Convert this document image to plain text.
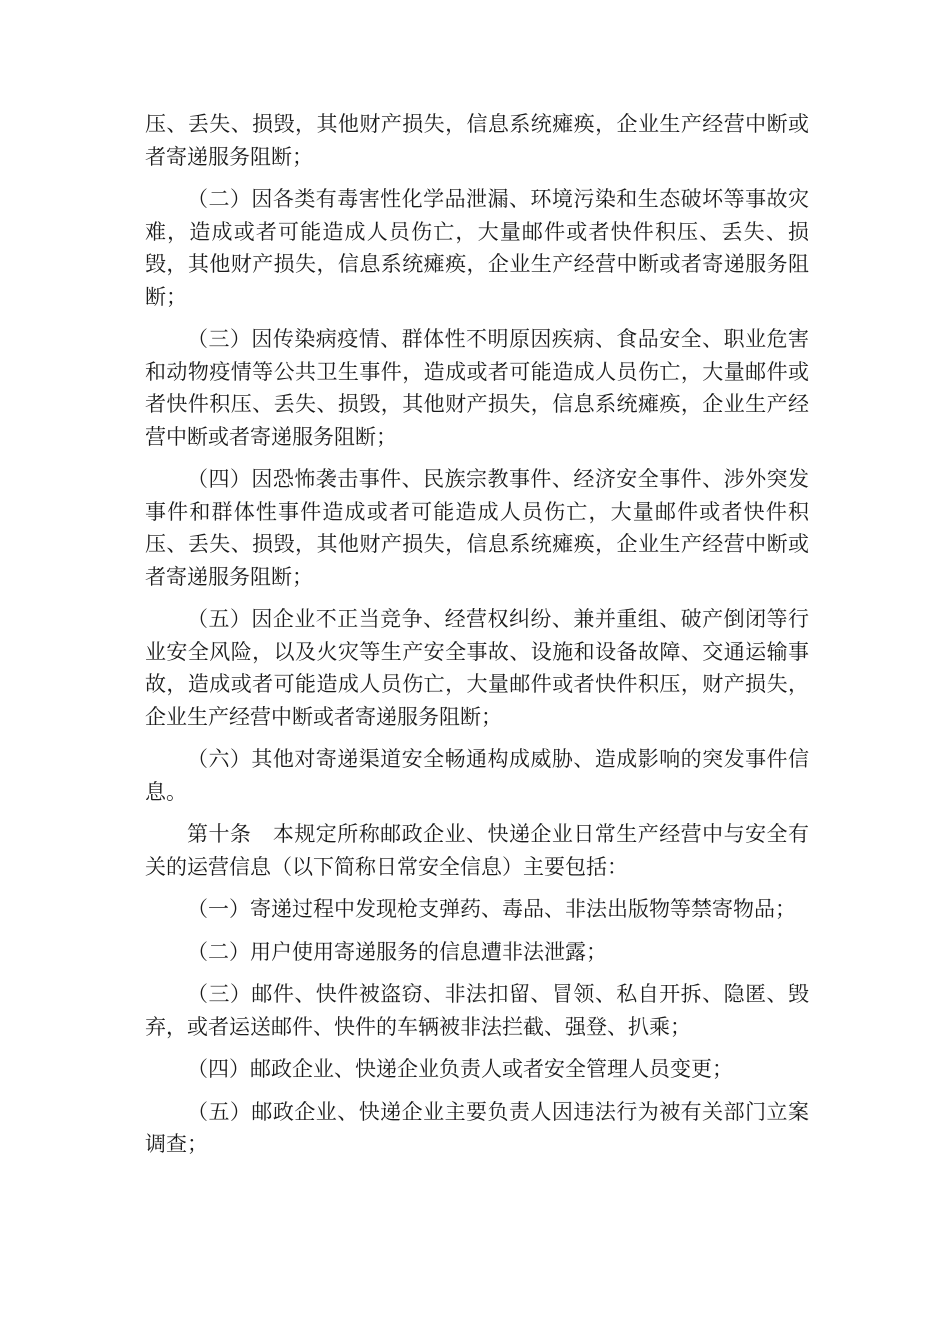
压、丢失、损毁，其他财产损失，信息系统瘫痪，企业生产经营中断或者寄递服务阻断；

（二）因各类有毒害性化学品泄漏、环境污染和生态破坏等事故灾难，造成或者可能造成人员伤亡，大量邮件或者快件积压、丢失、损毁，其他财产损失，信息系统瘫痪，企业生产经营中断或者寄递服务阻断；

（三）因传染病疫情、群体性不明原因疾病、食品安全、职业危害和动物疫情等公共卫生事件，造成或者可能造成人员伤亡，大量邮件或者快件积压、丢失、损毁，其他财产损失，信息系统瘫痪，企业生产经营中断或者寄递服务阻断；

（四）因恐怖袭击事件、民族宗教事件、经济安全事件、涉外突发事件和群体性事件造成或者可能造成人员伤亡，大量邮件或者快件积压、丢失、损毁，其他财产损失，信息系统瘫痪，企业生产经营中断或者寄递服务阻断；

（五）因企业不正当竞争、经营权纠纷、兼并重组、破产倒闭等行业安全风险，以及火灾等生产安全事故、设施和设备故障、交通运输事故，造成或者可能造成人员伤亡，大量邮件或者快件积压，财产损失，企业生产经营中断或者寄递服务阻断；

（六）其他对寄递渠道安全畅通构成威胁、造成影响的突发事件信息。

第十条　本规定所称邮政企业、快递企业日常生产经营中与安全有关的运营信息（以下简称日常安全信息）主要包括：

（一）寄递过程中发现枪支弹药、毒品、非法出版物等禁寄物品；

（二）用户使用寄递服务的信息遭非法泄露；

（三）邮件、快件被盗窃、非法扣留、冒领、私自开拆、隐匿、毁弃，或者运送邮件、快件的车辆被非法拦截、强登、扒乘；

（四）邮政企业、快递企业负责人或者安全管理人员变更；

（五）邮政企业、快递企业主要负责人因违法行为被有关部门立案调查；
